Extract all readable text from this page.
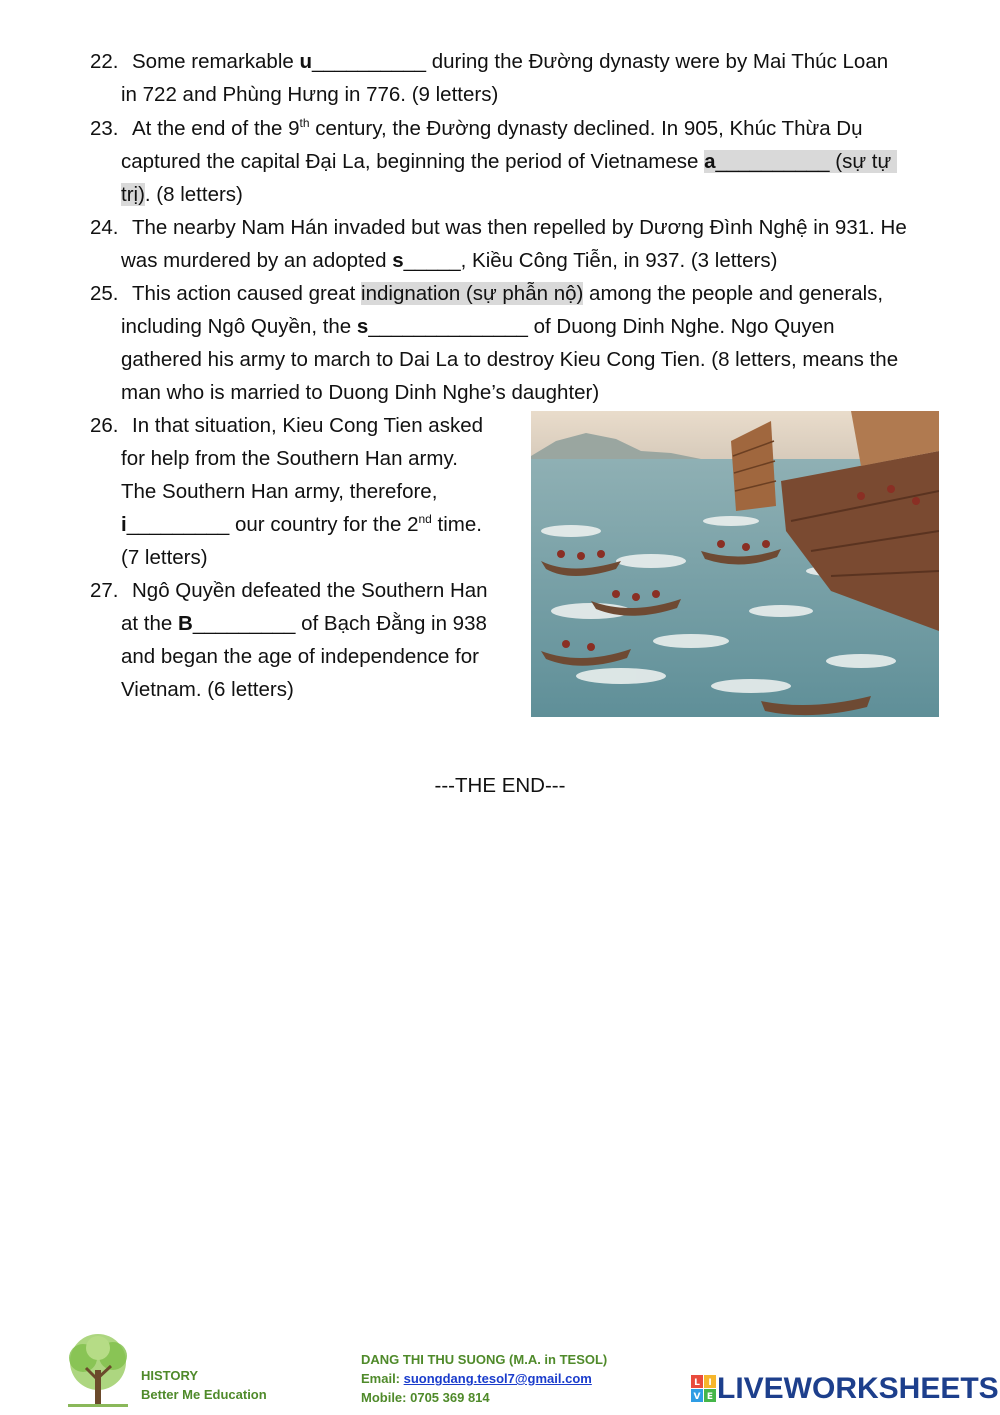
22. Some remarkable u__________ during the Đường dynasty were by Mai Thúc Loan
in 722 and Phùng Hưng in 776. (9 letters)
23. At the end of the 9th century, the Đường dynasty declined. In 905, Khúc Thừa Dụ
captured the capital Đại La, beginning the period of Vietnamese a__________ (sự tự
trị). (8 letters)
24. The nearby Nam Hán invaded but was then repelled by Dương Đình Nghệ in 931. He
was murdered by an adopted s_____, Kiều Công Tiễn, in 937. (3 letters)
25. This action caused great indignation (sự phẫn nộ) among the people and generals,
including Ngô Quyền, the s______________ of Duong Dinh Nghe. Ngo Quyen
gathered his army to march to Dai La to destroy Kieu Cong Tien. (8 letters, means the
man who is married to Duong Dinh Nghe’s daughter)
26. In that situation, Kieu Cong Tien asked
for help from the Southern Han army.
The Southern Han army, therefore,
i_________ our country for the 2nd time.
(7 letters)
27. Ngô Quyền defeated the Southern Han
at the B_________ of Bạch Đằng in 938
and began the age of independence for
Vietnam. (6 letters)
---THE END---
HISTORY
Better Me Education
DANG THI THU SUONG (M.A. in TESOL)
Email: suongdang.tesol7@gmail.com
Mobile: 0705 369 814
L I
V E LIVEWORKSHEETS
